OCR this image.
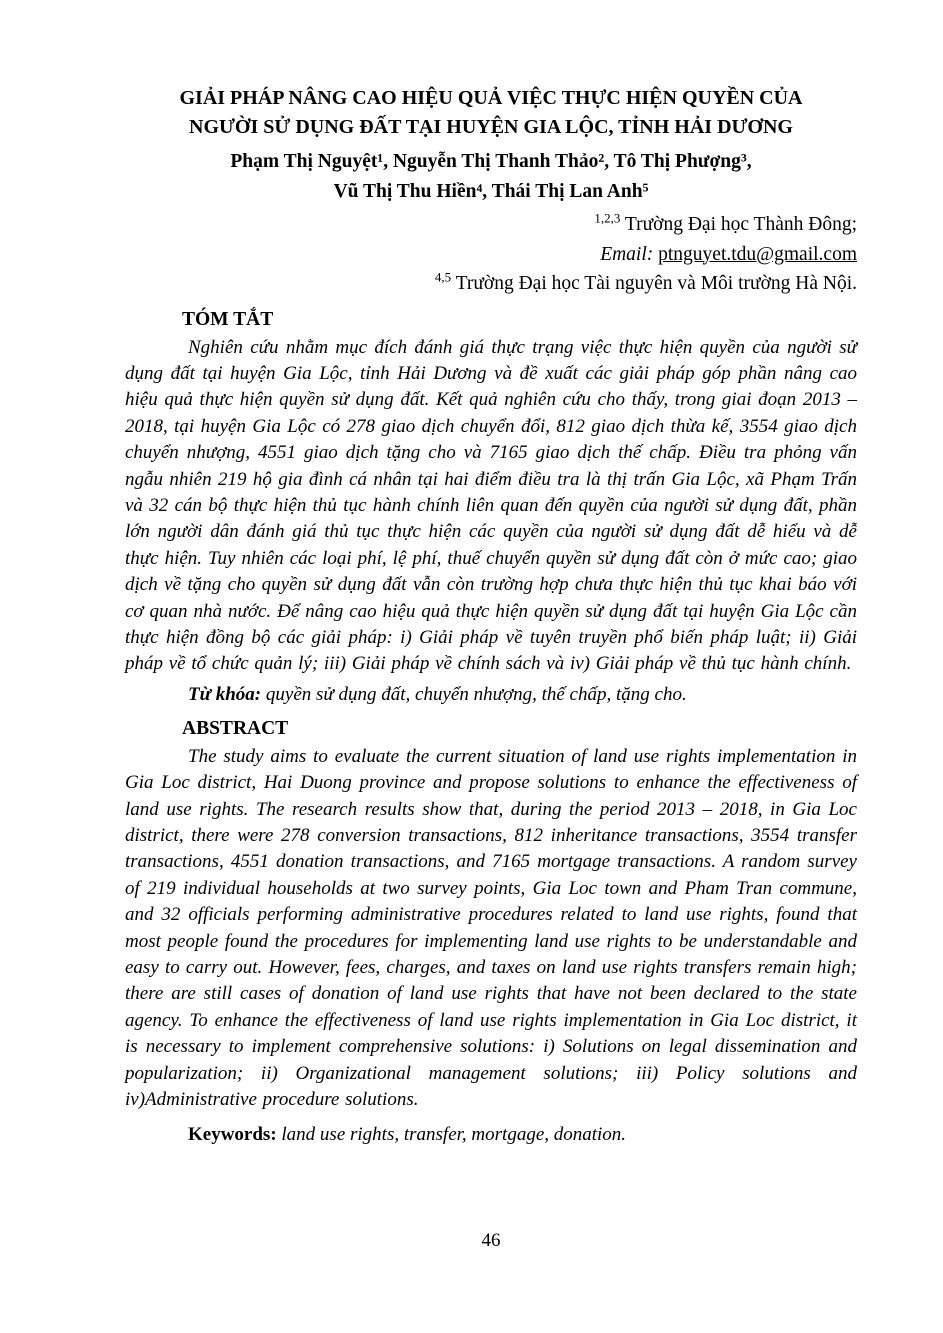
GIẢI PHÁP NÂNG CAO HIỆU QUẢ VIỆC THỰC HIỆN QUYỀN CỦA
NGƯỜI SỬ DỤNG ĐẤT TẠI HUYỆN GIA LỘC, TỈNH HẢI DƯƠNG
Phạm Thị Nguyệt¹, Nguyễn Thị Thanh Thảo², Tô Thị Phượng³,
Vũ Thị Thu Hiền⁴, Thái Thị Lan Anh⁵
$^{1,2,3}$ Trường Đại học Thành Đông;
Email: ptnguyet.tdu@gmail.com
$^{4,5}$ Trường Đại học Tài nguyên và Môi trường Hà Nội.
TÓM TẮT

Nghiên cứu nhằm mục đích đánh giá thực trạng việc thực hiện quyền của người sử dụng đất tại huyện Gia Lộc, tỉnh Hải Dương và đề xuất các giải pháp góp phần nâng cao hiệu quả thực hiện quyền sử dụng đất. Kết quả nghiên cứu cho thấy, trong giai đoạn 2013 – 2018, tại huyện Gia Lộc có 278 giao dịch chuyển đổi, 812 giao dịch thừa kế, 3554 giao dịch chuyển nhượng, 4551 giao dịch tặng cho và 7165 giao dịch thế chấp. Điều tra phỏng vấn ngẫu nhiên 219 hộ gia đình cá nhân tại hai điểm điều tra là thị trấn Gia Lộc, xã Phạm Trấn và 32 cán bộ thực hiện thủ tục hành chính liên quan đến quyền của người sử dụng đất, phần lớn người dân đánh giá thủ tục thực hiện các quyền của người sử dụng đất dễ hiểu và dễ thực hiện. Tuy nhiên các loại phí, lệ phí, thuế chuyển quyền sử dụng đất còn ở mức cao; giao dịch về tặng cho quyền sử dụng đất vẫn còn trường hợp chưa thực hiện thủ tục khai báo với cơ quan nhà nước. Để nâng cao hiệu quả thực hiện quyền sử dụng đất tại huyện Gia Lộc cần thực hiện đồng bộ các giải pháp: i) Giải pháp về tuyên truyền phổ biến pháp luật; ii) Giải pháp về tổ chức quản lý; iii) Giải pháp về chính sách và iv) Giải pháp về thủ tục hành chính.

Từ khóa: quyền sử dụng đất, chuyển nhượng, thế chấp, tặng cho.

ABSTRACT

The study aims to evaluate the current situation of land use rights implementation in Gia Loc district, Hai Duong province and propose solutions to enhance the effectiveness of land use rights. The research results show that, during the period 2013 – 2018, in Gia Loc district, there were 278 conversion transactions, 812 inheritance transactions, 3554 transfer transactions, 4551 donation transactions, and 7165 mortgage transactions. A random survey of 219 individual households at two survey points, Gia Loc town and Pham Tran commune, and 32 officials performing administrative procedures related to land use rights, found that most people found the procedures for implementing land use rights to be understandable and easy to carry out. However, fees, charges, and taxes on land use rights transfers remain high; there are still cases of donation of land use rights that have not been declared to the state agency. To enhance the effectiveness of land use rights implementation in Gia Loc district, it is necessary to implement comprehensive solutions: i) Solutions on legal dissemination and popularization; ii) Organizational management solutions; iii) Policy solutions and iv)Administrative procedure solutions.

Keywords: land use rights, transfer, mortgage, donation.

46
